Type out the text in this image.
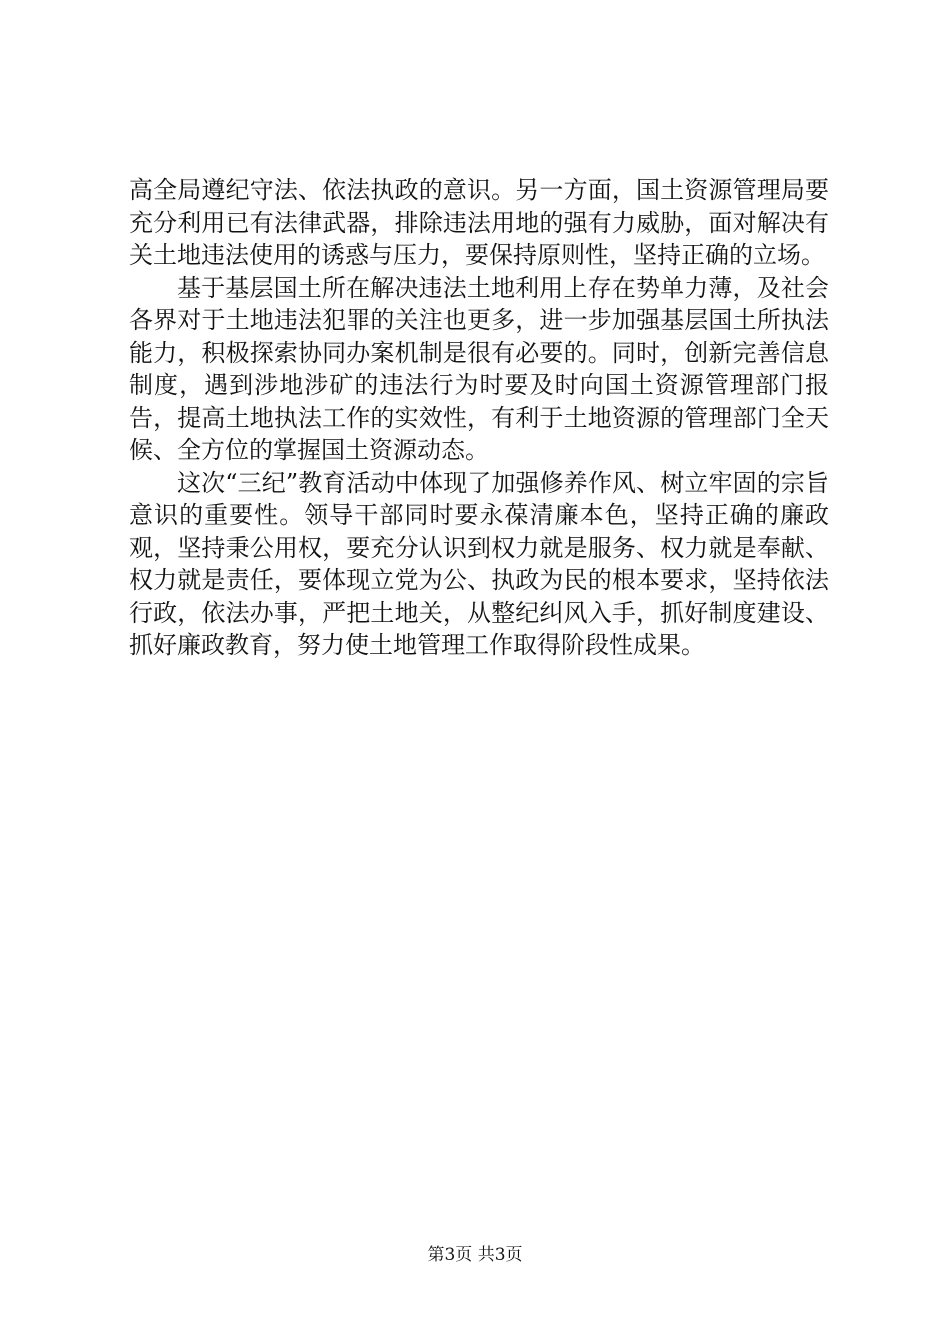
高全局遵纪守法、依法执政的意识。另一方面，国土资源管理局要充分利用已有法律武器，排除违法用地的强有力威胁，面对解决有关土地违法使用的诱惑与压力，要保持原则性，坚持正确的立场。

基于基层国土所在解决违法土地利用上存在势单力薄，及社会各界对于土地违法犯罪的关注也更多，进一步加强基层国土所执法能力，积极探索协同办案机制是很有必要的。同时，创新完善信息制度，遇到涉地涉矿的违法行为时要及时向国土资源管理部门报告，提高土地执法工作的实效性，有利于土地资源的管理部门全天候、全方位的掌握国土资源动态。

这次“三纪”教育活动中体现了加强修养作风、树立牢固的宗旨意识的重要性。领导干部同时要永葆清廉本色，坚持正确的廉政观，坚持秉公用权，要充分认识到权力就是服务、权力就是奉献、权力就是责任，要体现立党为公、执政为民的根本要求，坚持依法行政，依法办事，严把土地关，从整纪纠风入手，抓好制度建设、抓好廉政教育，努力使土地管理工作取得阶段性成果。

第3页 共3页
